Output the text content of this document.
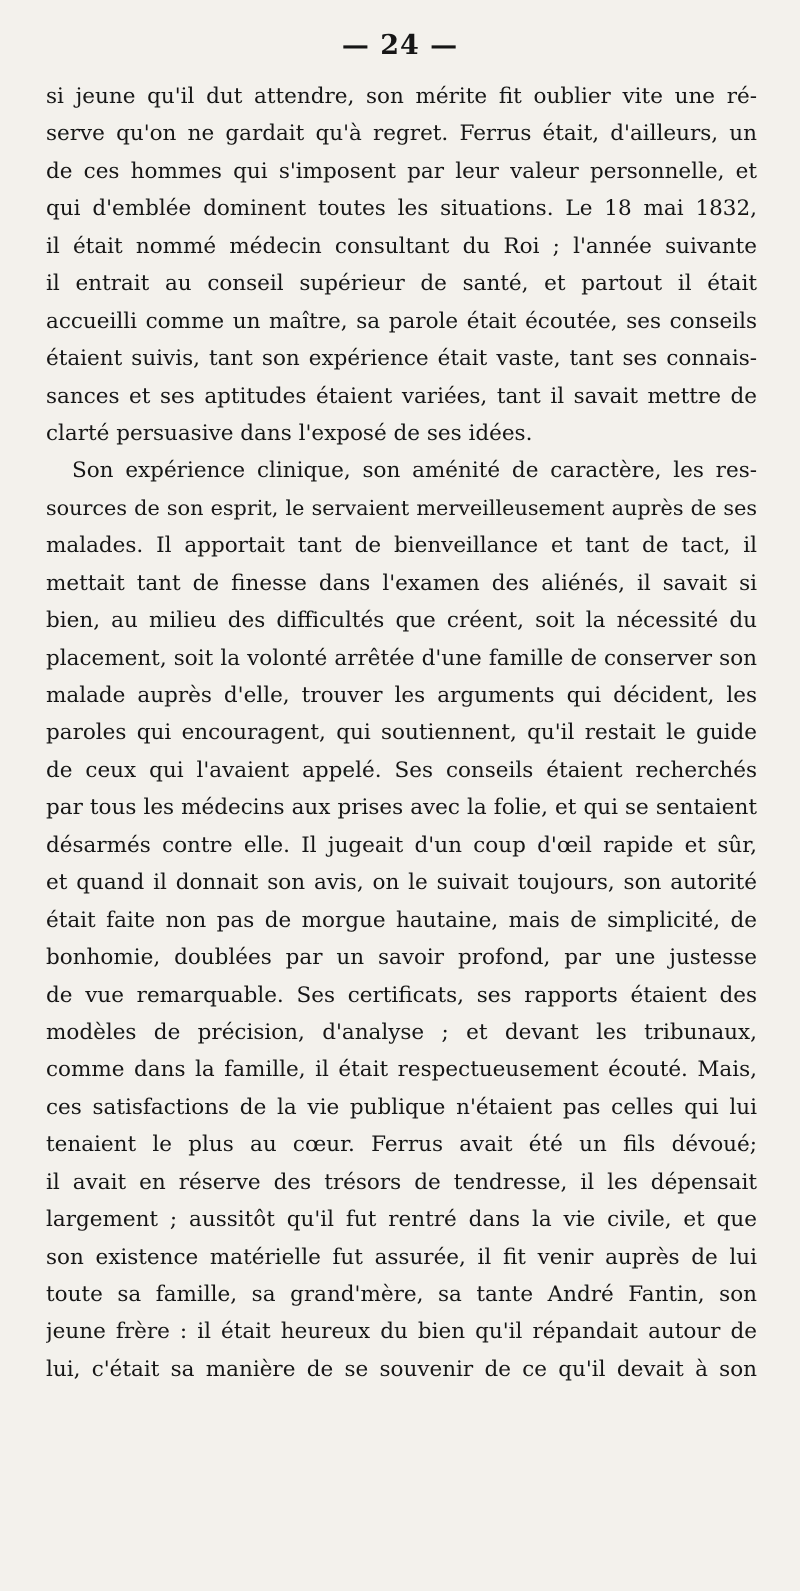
— 24 —
si jeune qu'il dut attendre, son mérite fit oublier vite une ré-
serve qu'on ne gardait qu'à regret. Ferrus était, d'ailleurs, un
de ces hommes qui s'imposent par leur valeur personnelle, et
qui d'emblée dominent toutes les situations. Le 18 mai 1832,
il était nommé médecin consultant du Roi ; l'année suivante
il entrait au conseil supérieur de santé, et partout il était
accueilli comme un maître, sa parole était écoutée, ses conseils
étaient suivis, tant son expérience était vaste, tant ses connais-
sances et ses aptitudes étaient variées, tant il savait mettre de
clarté persuasive dans l'exposé de ses idées.
Son expérience clinique, son aménité de caractère, les res-
sources de son esprit, le servaient merveilleusement auprès de ses
malades. Il apportait tant de bienveillance et tant de tact, il
mettait tant de finesse dans l'examen des aliénés, il savait si
bien, au milieu des difficultés que créent, soit la nécessité du
placement, soit la volonté arrêtée d'une famille de conserver son
malade auprès d'elle, trouver les arguments qui décident, les
paroles qui encouragent, qui soutiennent, qu'il restait le guide
de ceux qui l'avaient appelé. Ses conseils étaient recherchés
par tous les médecins aux prises avec la folie, et qui se sentaient
désarmés contre elle. Il jugeait d'un coup d'œil rapide et sûr,
et quand il donnait son avis, on le suivait toujours, son autorité
était faite non pas de morgue hautaine, mais de simplicité, de
bonhomie, doublées par un savoir profond, par une justesse
de vue remarquable. Ses certificats, ses rapports étaient des
modèles de précision, d'analyse ; et devant les tribunaux,
comme dans la famille, il était respectueusement écouté. Mais,
ces satisfactions de la vie publique n'étaient pas celles qui lui
tenaient le plus au cœur. Ferrus avait été un fils dévoué;
il avait en réserve des trésors de tendresse, il les dépensait
largement ; aussitôt qu'il fut rentré dans la vie civile, et que
son existence matérielle fut assurée, il fit venir auprès de lui
toute sa famille, sa grand'mère, sa tante André Fantin, son
jeune frère : il était heureux du bien qu'il répandait autour de
lui, c'était sa manière de se souvenir de ce qu'il devait à son
